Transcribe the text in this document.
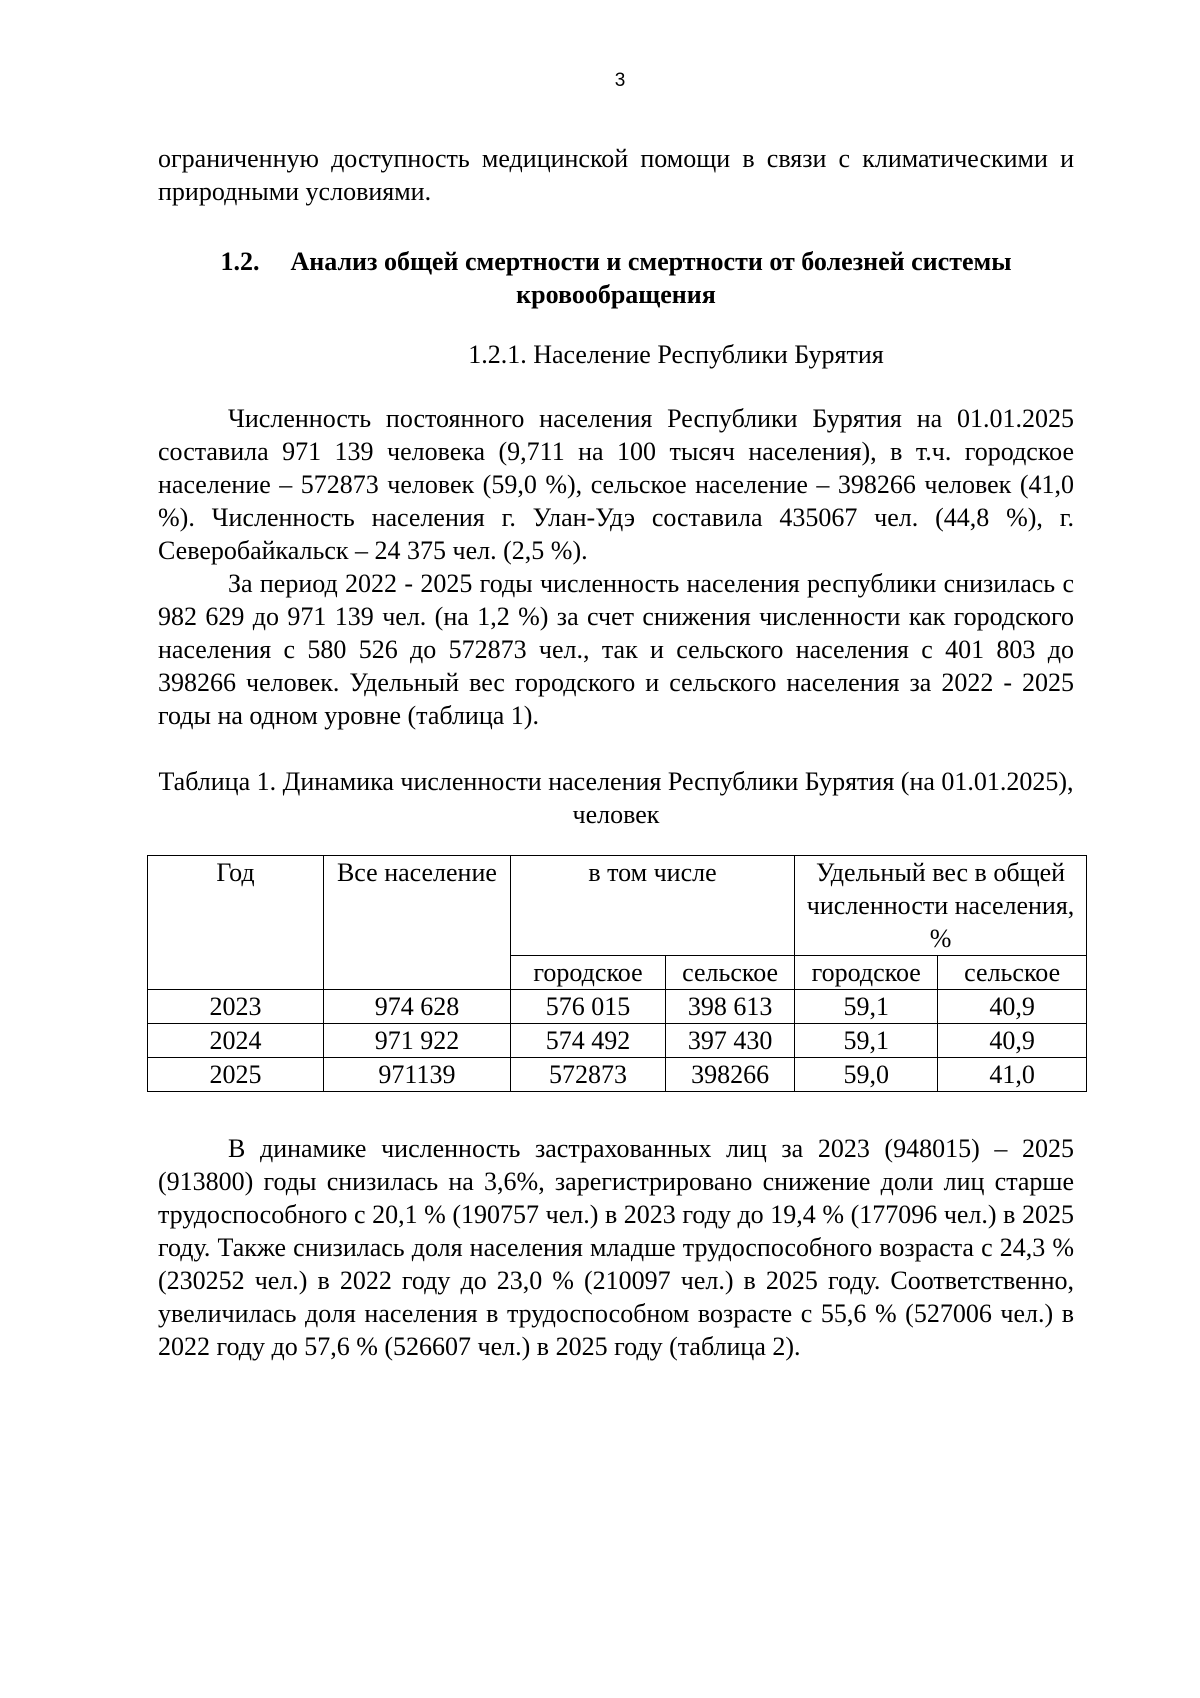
3

ограниченную доступность медицинской помощи в связи с климатическими и природными условиями.

1.2. Анализ общей смертности и смертности от болезней системы кровообращения
1.2.1. Население Республики Бурятия

Численность постоянного населения Республики Бурятия на 01.01.2025 составила 971 139 человека (9,711 на 100 тысяч населения), в т.ч. городское население – 572873 человек (59,0 %), сельское население – 398266 человек (41,0 %). Численность населения г. Улан-Удэ составила 435067 чел. (44,8 %), г. Северобайкальск – 24 375 чел. (2,5 %).

За период 2022 - 2025 годы численность населения республики снизилась с 982 629 до 971 139 чел. (на 1,2 %) за счет снижения численности как городского населения с 580 526 до 572873 чел., так и сельского населения с 401 803 до 398266 человек. Удельный вес городского и сельского населения за 2022 - 2025 годы на одном уровне (таблица 1).

Таблица 1. Динамика численности населения Республики Бурятия (на 01.01.2025), человек
Год	Все население	в том числе		Удельный вес в общей численности населения, %	
		городское	сельское	городское	сельское
2023	974 628	576 015	398 613	59,1	40,9
2024	971 922	574 492	397 430	59,1	40,9
2025	971139	572873	398266	59,0	41,0

В динамике численность застрахованных лиц за 2023 (948015) – 2025 (913800) годы снизилась на 3,6%, зарегистрировано снижение доли лиц старше трудоспособного с 20,1 % (190757 чел.) в 2023 году до 19,4 % (177096 чел.) в 2025 году. Также снизилась доля населения младше трудоспособного возраста с 24,3 % (230252 чел.) в 2022 году до 23,0 % (210097 чел.) в 2025 году. Соответственно, увеличилась доля населения в трудоспособном возрасте с 55,6 % (527006 чел.) в 2022 году до 57,6 % (526607 чел.) в 2025 году (таблица 2).
